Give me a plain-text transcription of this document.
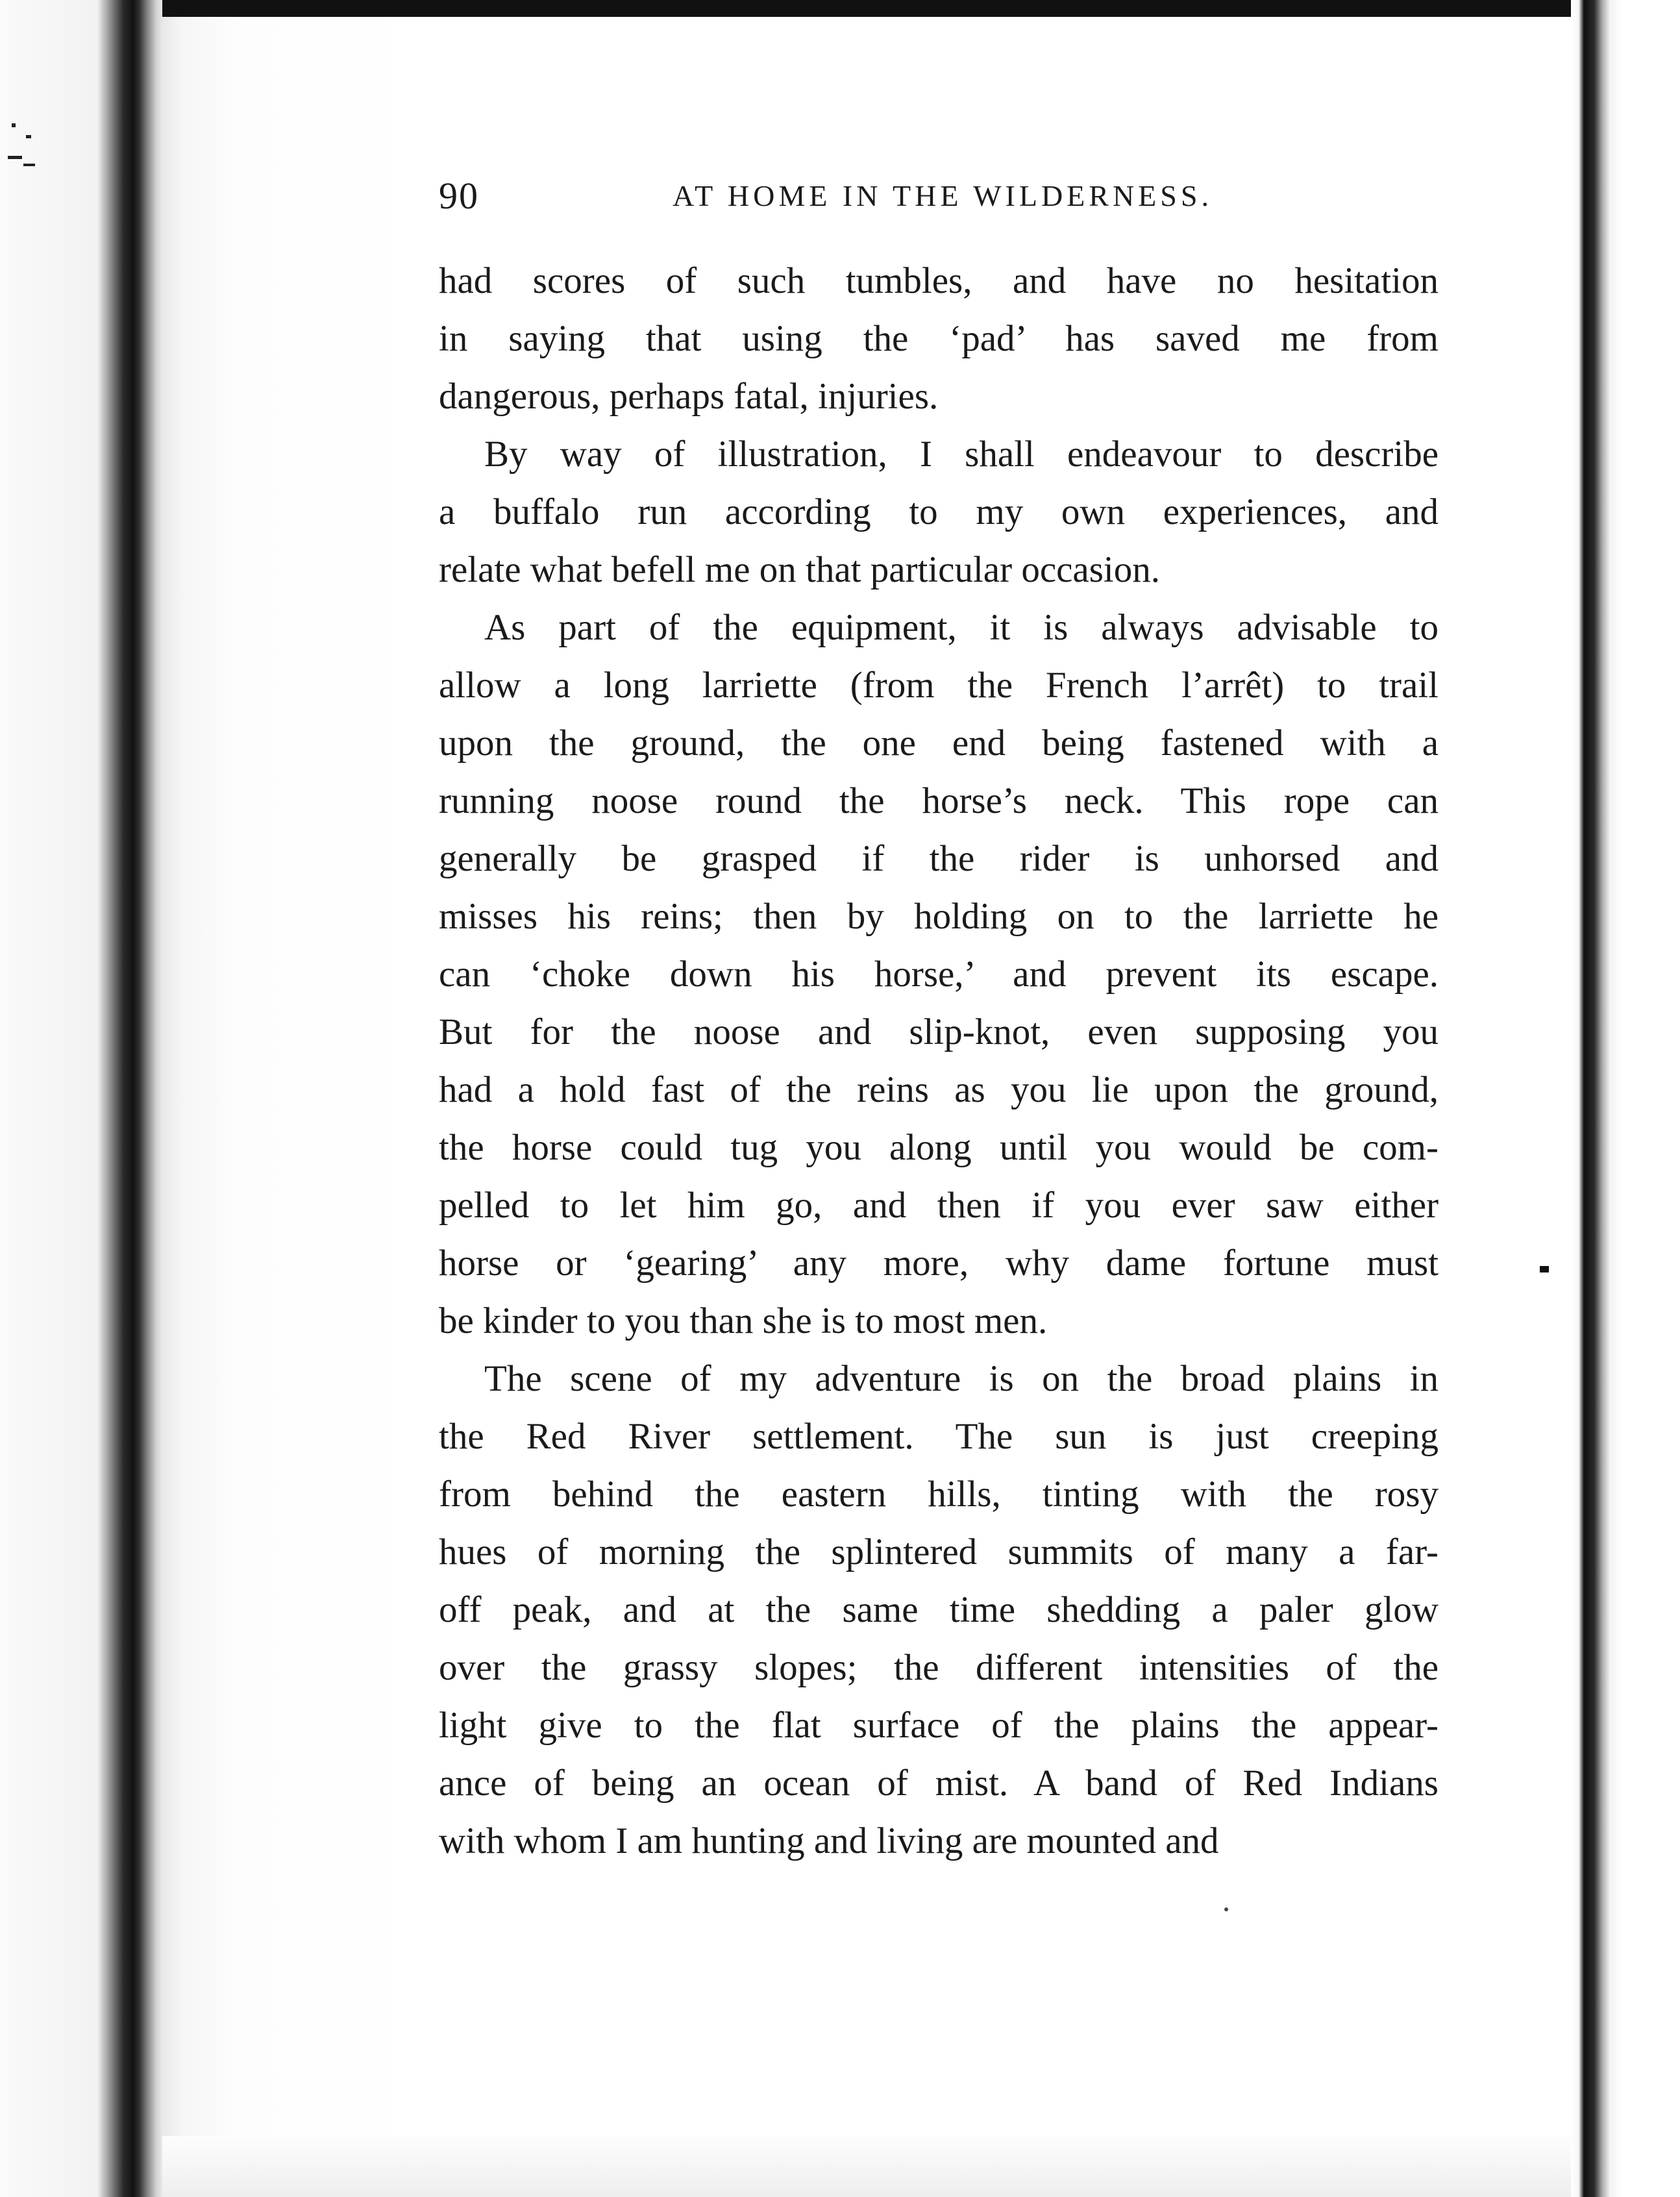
90	AT HOME IN THE WILDERNESS.
had scores of such tumbles, and have no hesitation
in saying that using the ‘pad’ has saved me from
dangerous, perhaps fatal, injuries.
By way of illustration, I shall endeavour to describe
a buffalo run according to my own experiences, and
relate what befell me on that particular occasion.
As part of the equipment, it is always advisable to
allow a long larriette (from the French l’arrêt) to trail
upon the ground, the one end being fastened with a
running noose round the horse’s neck. This rope can
generally be grasped if the rider is unhorsed and
misses his reins; then by holding on to the larriette he
can ‘choke down his horse,’ and prevent its escape.
But for the noose and slip-knot, even supposing you
had a hold fast of the reins as you lie upon the ground,
the horse could tug you along until you would be com-
pelled to let him go, and then if you ever saw either
horse or ‘gearing’ any more, why dame fortune must
be kinder to you than she is to most men.
The scene of my adventure is on the broad plains in
the Red River settlement. The sun is just creeping
from behind the eastern hills, tinting with the rosy
hues of morning the splintered summits of many a far-
off peak, and at the same time shedding a paler glow
over the grassy slopes; the different intensities of the
light give to the flat surface of the plains the appear-
ance of being an ocean of mist. A band of Red Indians
with whom I am hunting and living are mounted and
